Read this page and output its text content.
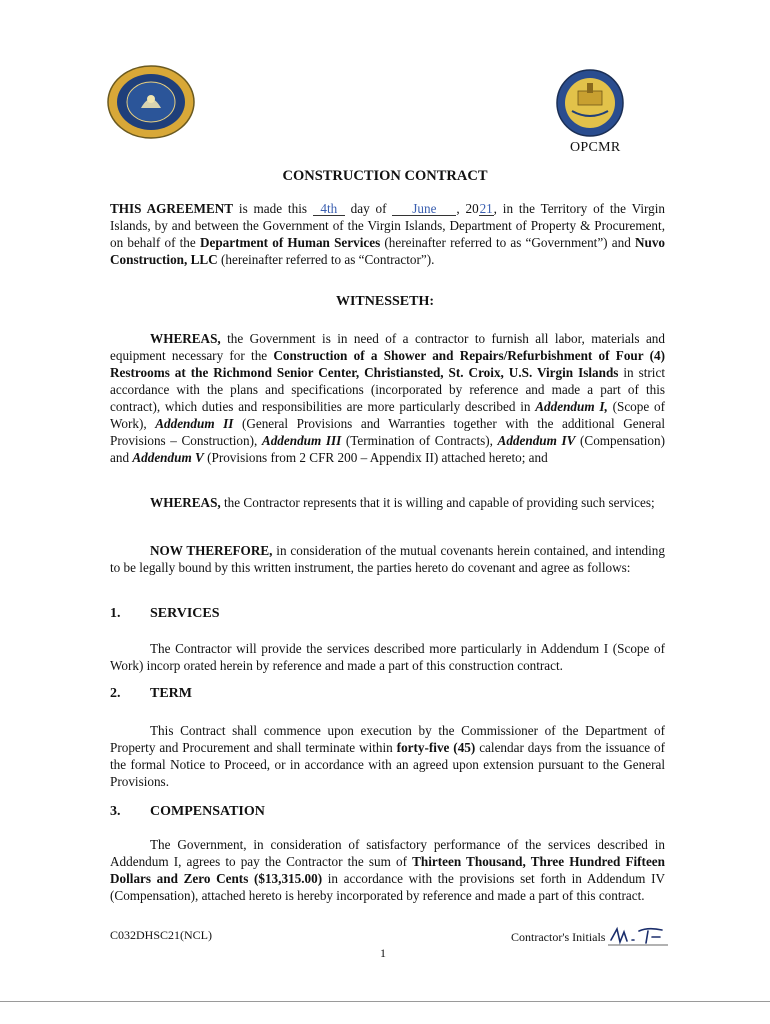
OPCMR
CONSTRUCTION CONTRACT
THIS AGREEMENT is made this 4th day of June , 2021, in the Territory of the Virgin Islands, by and between the Government of the Virgin Islands, Department of Property & Procurement, on behalf of the Department of Human Services (hereinafter referred to as “Government”) and Nuvo Construction, LLC (hereinafter referred to as “Contractor”).
WITNESSETH:
WHEREAS, the Government is in need of a contractor to furnish all labor, materials and equipment necessary for the Construction of a Shower and Repairs/Refurbishment of Four (4) Restrooms at the Richmond Senior Center, Christiansted, St. Croix, U.S. Virgin Islands in strict accordance with the plans and specifications (incorporated by reference and made a part of this contract), which duties and responsibilities are more particularly described in Addendum I, (Scope of Work), Addendum II (General Provisions and Warranties together with the additional General Provisions – Construction), Addendum III (Termination of Contracts), Addendum IV (Compensation) and Addendum V (Provisions from 2 CFR 200 – Appendix II) attached hereto; and
WHEREAS, the Contractor represents that it is willing and capable of providing such services;
NOW THEREFORE, in consideration of the mutual covenants herein contained, and intending to be legally bound by this written instrument, the parties hereto do covenant and agree as follows:
1. SERVICES
The Contractor will provide the services described more particularly in Addendum I (Scope of Work) incorp orated herein by reference and made a part of this construction contract.
2. TERM
This Contract shall commence upon execution by the Commissioner of the Department of Property and Procurement and shall terminate within forty-five (45) calendar days from the issuance of the formal Notice to Proceed, or in accordance with an agreed upon extension pursuant to the General Provisions.
3. COMPENSATION
The Government, in consideration of satisfactory performance of the services described in Addendum I, agrees to pay the Contractor the sum of Thirteen Thousand, Three Hundred Fifteen Dollars and Zero Cents ($13,315.00) in accordance with the provisions set forth in Addendum IV (Compensation), attached hereto is hereby incorporated by reference and made a part of this contract.
C032DHSC21(NCL)
1
Contractor's Initials
